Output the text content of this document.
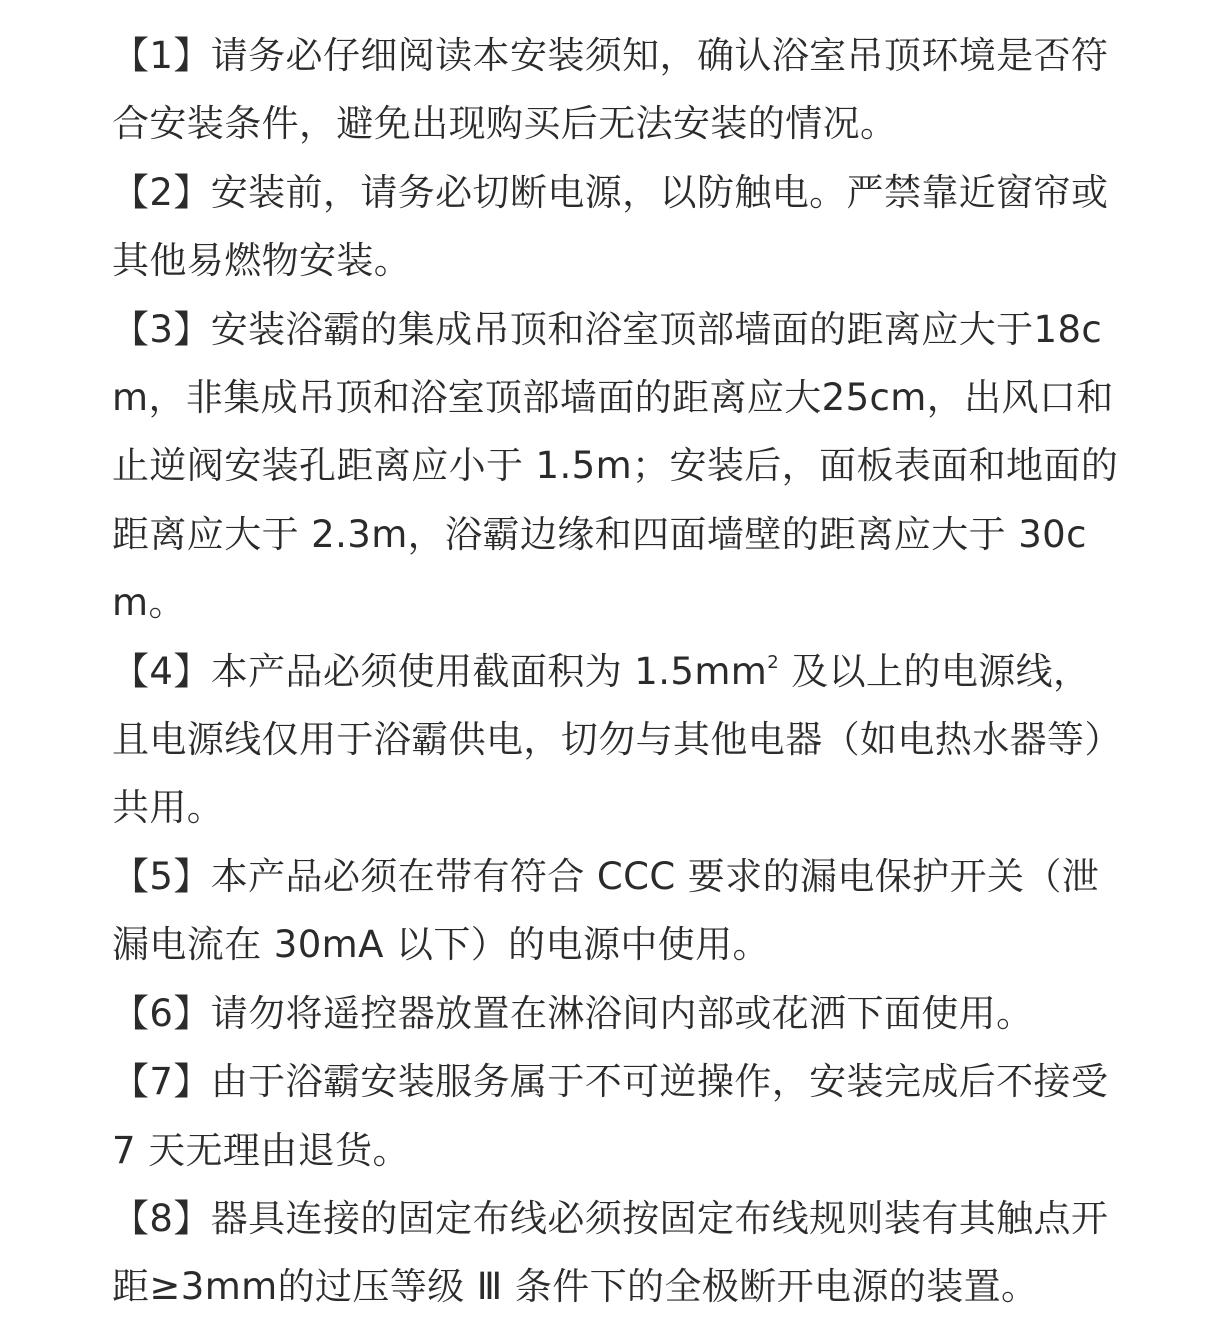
【1】请务必仔细阅读本安装须知，确认浴室吊顶环境是否符合安装条件，避免出现购买后无法安装的情况。

【2】安装前，请务必切断电源，以防触电。严禁靠近窗帘或其他易燃物安装。

【3】安装浴霸的集成吊顶和浴室顶部墙面的距离应大于18cm，非集成吊顶和浴室顶部墙面的距离应大25cm，出风口和止逆阀安装孔距离应小于 1.5m；安装后，面板表面和地面的距离应大于 2.3m，浴霸边缘和四面墙壁的距离应大于 30cm。

【4】本产品必须使用截面积为 $1.5mm^2$ 及以上的电源线，且电源线仅用于浴霸供电，切勿与其他电器（如电热水器等）共用。

【5】本产品必须在带有符合 CCC 要求的漏电保护开关（泄漏电流在 30mA 以下）的电源中使用。

【6】请勿将遥控器放置在淋浴间内部或花洒下面使用。

【7】由于浴霸安装服务属于不可逆操作，安装完成后不接受 7 天无理由退货。

【8】器具连接的固定布线必须按固定布线规则装有其触点开距≥3mm的过压等级 Ⅲ 条件下的全极断开电源的装置。
